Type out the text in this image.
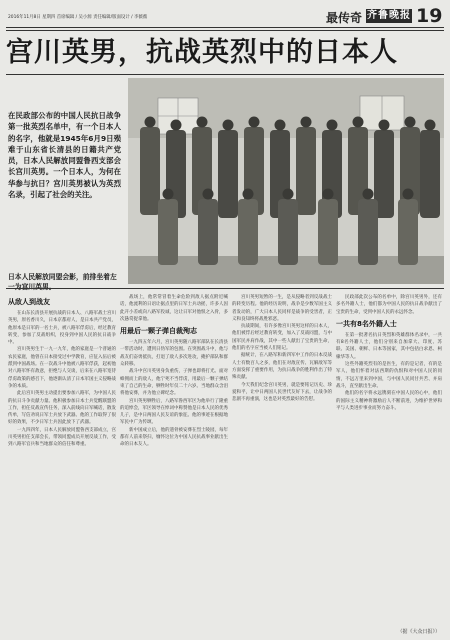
2016年11月8日 星期四 首席编辑 / 吴小源 责任编辑/版面设计 / 李薇薇	最传奇 齐鲁晚报 19
宫川英男，抗战英烈中的日本人
在民政部公布的中国人民抗日战争第一批英烈名单中，有一个日本人的名字，他就是1945年6月9日殒难于山东省长清县的日籍共产党员，日本人民解放同盟鲁西支部会长宫川英男。一个日本人，为何在华参与抗日？宫川英男被认为英烈名录，引起了社会的关注。
日本人民解放同盟会影，前排坐着左一为宫川英男。
从敌人到战友

在山东长清县开展抗战的日本人、八路军战士宫川英男，原名香川久，日本京都府人，是日本共产党员，他原本是日军的一名士兵，被八路军俘虏后，经过教育转变，参加了反战组织，投身到中国人民的抗日战争中。

宫川英男生于一九一九年，他的家庭是一个普通的农民家庭，他曾在日本接受过中学教育，应征入伍后被派到中国战场。在一次战斗中他被八路军俘获，起初他对八路军怀有敌意，拒绝与人交谈，后来在八路军宽待俘虏政策的感召下，他逐渐认清了日本军国主义侵略战争的本质。

此后宫川英男主动提出要参加八路军，为中国人民的抗日斗争贡献力量。他积极参加日本士兵觉醒联盟的工作，担任反战宣传任务，深入前线向日军喊话，散发传单，写信劝说日军士兵放下武器。他的工作取得了很好的效果，不少日军士兵因此放下了武器。

一九四四年，日本人民解放同盟鲁西支部成立，宫川英男担任支部会长，带领同盟成员开展反战工作，受到八路军官兵和当地群众的信任和尊重。

战场上，他常常冒着生命危险到敌人据点附近喊话，他流利的日语让据点里的日军士兵动摇，许多人因此开小差或向八路军投诚，这让日军对他恨之入骨，多次悬赏捉拿他。

用最后一颗子弹自裁殉志

一九四五年六月，宫川英男随八路军部队在长清县一带活动时，遭到日伪军的包围。在突围战斗中，他与战友们奋勇抵抗，打退了敌人多次进攻，掩护部队和群众转移。

战斗中宫川英男身负重伤，子弹也即将打光。面对蜂拥而上的敌人，他宁死不当俘虏，用最后一颗子弹结束了自己的生命，牺牲时年仅二十六岁。当地群众含泪将他安葬，并为他立碑纪念。

宫川英男牺牲后，八路军鲁西军区为他举行了隆重的追悼会，军区领导在悼词中称赞他是日本人民的优秀儿子，是中日两国人民友谊的象征。他的事迹在根据地军民中广为传颂。

新中国成立后，他的遗骨被安葬在烈士陵园，每年都有人前来祭扫，缅怀这位为中国人民抗战事业献出生命的日本友人。

宫川英男短暂的一生，是从侵略者到反战战士的转变历程。他的经历说明，战争是少数军国主义者发动的，广大日本人民同样是战争的受害者，正义和良知终将战胜邪恶。

抗战期间，有许多像宫川英男这样的日本人，他们被俘后经过教育转变，加入了反战同盟，与中国军民并肩作战，其中一些人献出了宝贵的生命，他们的名字应当被人们铭记。

据统计，在八路军和新四军中工作的日本反战人士有数百人之多，他们在对敌宣传、瓦解敌军等方面发挥了重要作用，为抗日战争的胜利作出了特殊贡献。

今天我们纪念宫川英男，就是要铭记历史、珍爱和平，让中日两国人民世代友好下去，让战争的悲剧不再重演，这也是对英烈最好的告慰。

民政部此次公布的名单中，除宫川英男外，还有多名外籍人士，他们都为中国人民的抗日战争献出了宝贵的生命，受到中国人民的永远怀念。

一共有8名外籍人士

在第一批著名抗日英烈和英雄群体名录中，一共有8名外籍人士，他们分别来自加拿大、印度、苏联、美国、朝鲜、日本等国家，其中包括白求恩、柯棣华等人。

这些外籍英烈有的是医生，有的是记者，有的是军人，他们怀着对法西斯的仇恨和对中国人民的同情，不远万里来到中国，与中国人民同甘共苦、并肩战斗，直至献出生命。

他们的名字将永远镌刻在中国人民的心中，他们的国际主义精神将激励后人不断前进，为维护世界和平与人类进步事业而努力奋斗。

（据《大众日报》）
